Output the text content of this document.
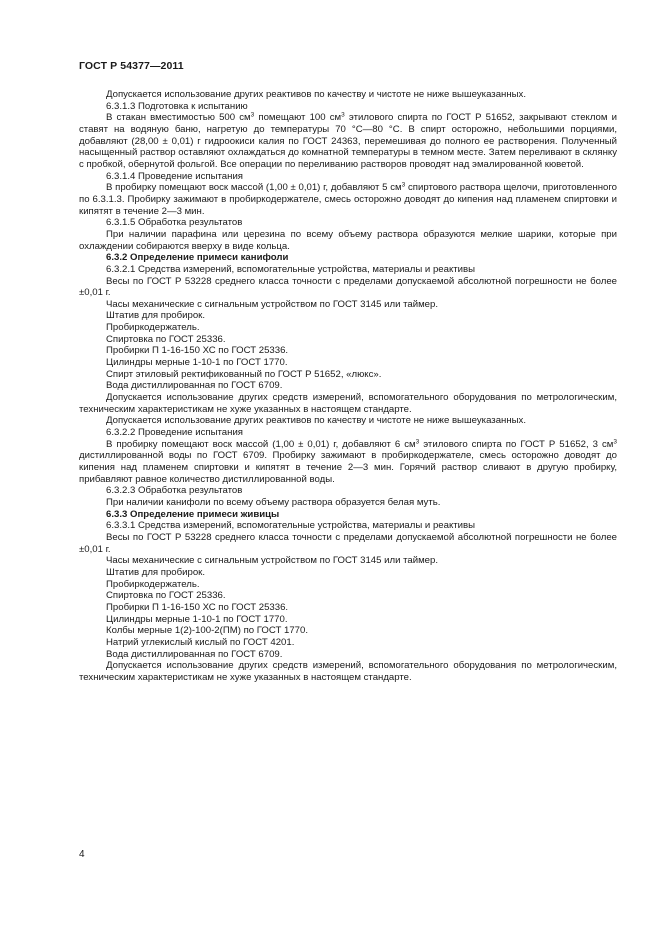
ГОСТ Р 54377—2011

Допускается использование других реактивов по качеству и чистоте не ниже вышеуказанных.

6.3.1.3 Подготовка к испытанию

В стакан вместимостью 500 $см^3$ помещают 100 $см^3$ этилового спирта по ГОСТ Р 51652, закрывают стеклом и ставят на водяную баню, нагретую до температуры 70 °С—80 °С. В спирт осторожно, небольшими порциями, добавляют (28,00 ± 0,01) г гидроокиси калия по ГОСТ 24363, перемешивая до полного ее растворения. Полученный насыщенный раствор оставляют охлаждаться до комнатной температуры в темном месте. Затем переливают в склянку с пробкой, обернутой фольгой. Все операции по переливанию растворов проводят над эмалированной кюветой.

6.3.1.4 Проведение испытания

В пробирку помещают воск массой (1,00 ± 0,01) г, добавляют 5 $см^3$ спиртового раствора щелочи, приготовленного по 6.3.1.3. Пробирку зажимают в пробиркодержателе, смесь осторожно доводят до кипения над пламенем спиртовки и кипятят в течение 2—3 мин.

6.3.1.5 Обработка результатов

При наличии парафина или церезина по всему объему раствора образуются мелкие шарики, которые при охлаждении собираются вверху в виде кольца.

6.3.2 Определение примеси канифоли

6.3.2.1 Средства измерений, вспомогательные устройства, материалы и реактивы

Весы по ГОСТ Р 53228 среднего класса точности с пределами допускаемой абсолютной погрешности не более ±0,01 г.

Часы механические с сигнальным устройством по ГОСТ 3145 или таймер.

Штатив для пробирок.

Пробиркодержатель.

Спиртовка по ГОСТ 25336.

Пробирки П 1-16-150 ХС по ГОСТ 25336.

Цилиндры мерные 1-10-1 по ГОСТ 1770.

Спирт этиловый ректификованный по ГОСТ Р 51652, «люкс».

Вода дистиллированная по ГОСТ 6709.

Допускается использование других средств измерений, вспомогательного оборудования по метрологическим, техническим характеристикам не хуже указанных в настоящем стандарте.

Допускается использование других реактивов по качеству и чистоте не ниже вышеуказанных.

6.3.2.2 Проведение испытания

В пробирку помещают воск массой (1,00 ± 0,01) г, добавляют 6 $см^3$ этилового спирта по ГОСТ Р 51652, 3 $см^3$ дистиллированной воды по ГОСТ 6709. Пробирку зажимают в пробиркодержателе, смесь осторожно доводят до кипения над пламенем спиртовки и кипятят в течение 2—3 мин. Горячий раствор сливают в другую пробирку, прибавляют равное количество дистиллированной воды.

6.3.2.3 Обработка результатов

При наличии канифоли по всему объему раствора образуется белая муть.

6.3.3 Определение примеси живицы

6.3.3.1 Средства измерений, вспомогательные устройства, материалы и реактивы

Весы по ГОСТ Р 53228 среднего класса точности с пределами допускаемой абсолютной погрешности не более ±0,01 г.

Часы механические с сигнальным устройством по ГОСТ 3145 или таймер.

Штатив для пробирок.

Пробиркодержатель.

Спиртовка по ГОСТ 25336.

Пробирки П 1-16-150 ХС по ГОСТ 25336.

Цилиндры мерные 1-10-1 по ГОСТ 1770.

Колбы мерные 1(2)-100-2(ПМ) по ГОСТ 1770.

Натрий углекислый кислый по ГОСТ 4201.

Вода дистиллированная по ГОСТ 6709.

Допускается использование других средств измерений, вспомогательного оборудования по метрологическим, техническим характеристикам не хуже указанных в настоящем стандарте.

4
